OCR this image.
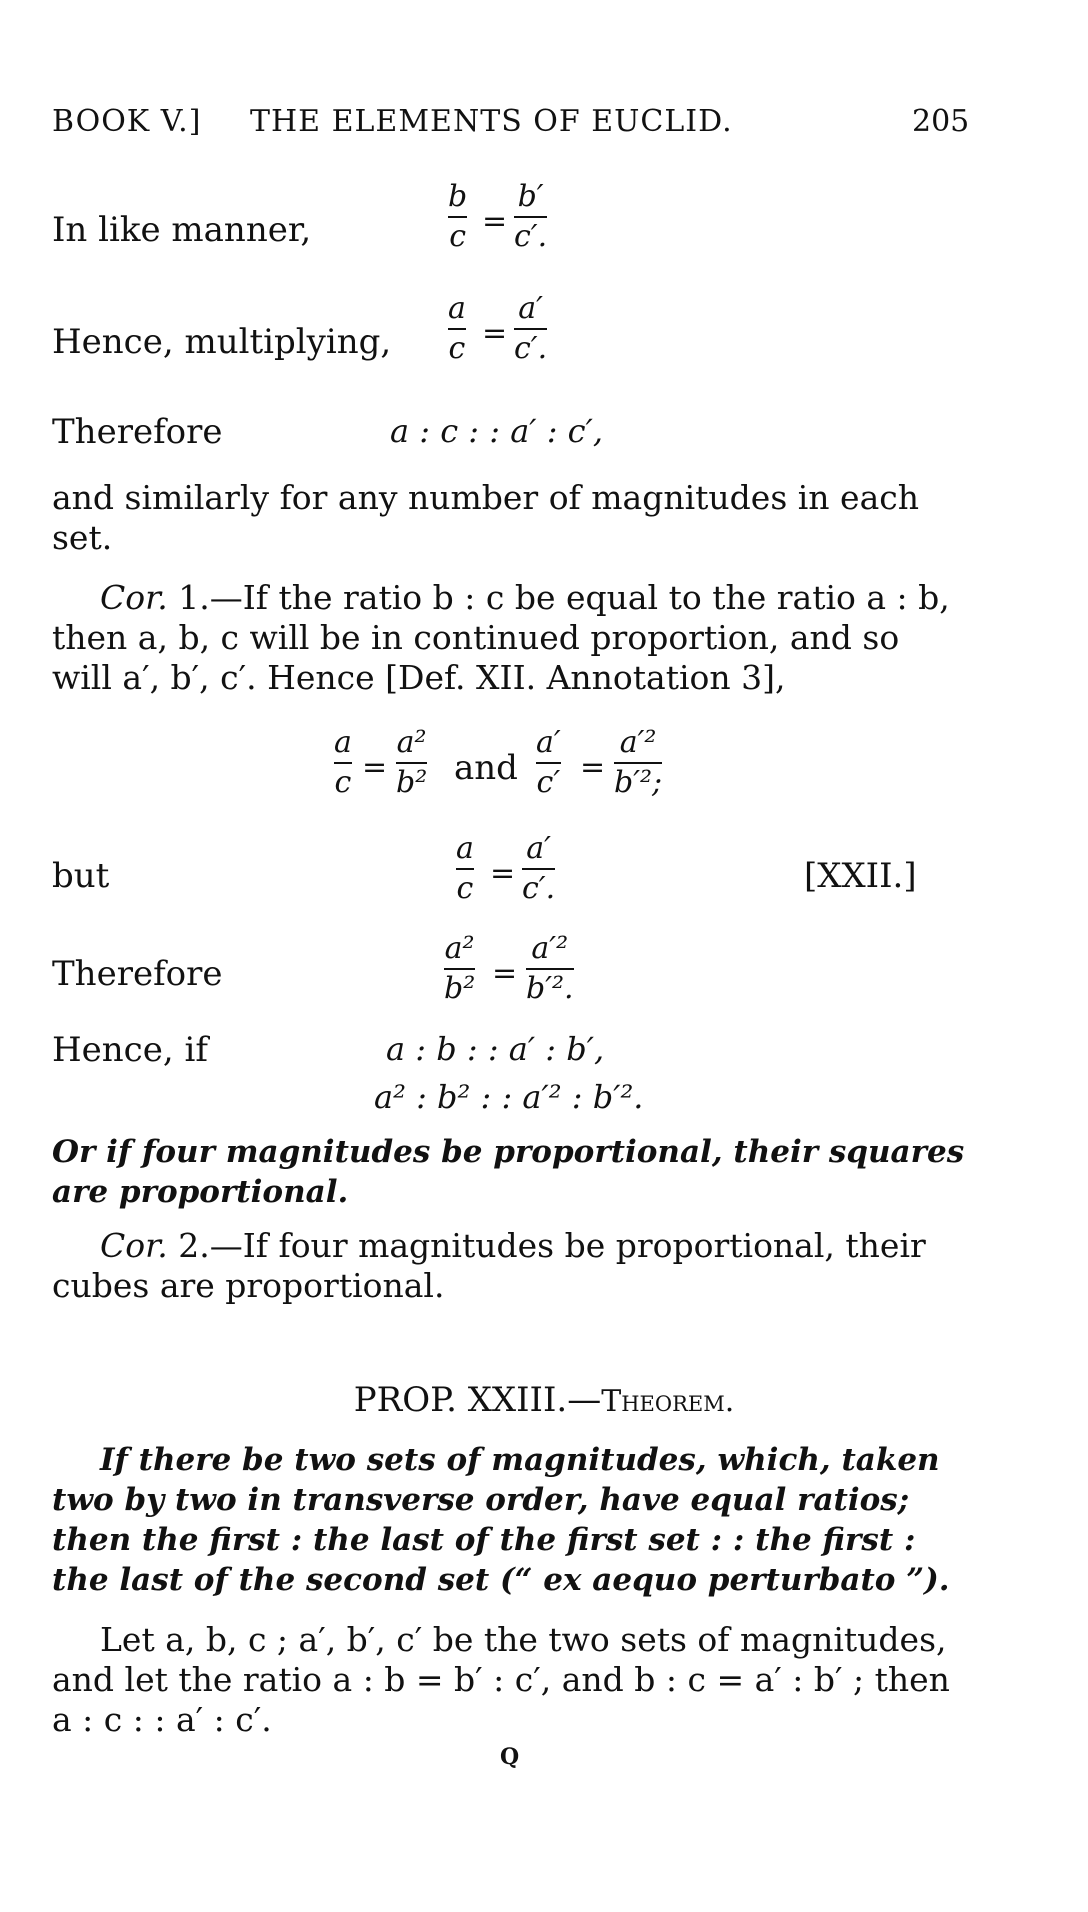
BOOK V.] THE ELEMENTS OF EUCLID.	205
In like manner,
b
c =
b′
c′.
Hence, multiplying,
a
c =
a′
c′.
Therefore	a : c : : a′ : c′,
and similarly for any number of magnitudes in each set.
Cor. 1.—If the ratio b : c be equal to the ratio a : b, then a, b, c will be in continued proportion, and so will a′, b′, c′. Hence [Def. XII. Annotation 3],
a
c =
a²
b² and
a′
c′ =
a′²
b′²;
but
a
c =
a′
c′.	[XXII.]
Therefore
a²
b² =
a′²
b′².
Hence, if	a : b : : a′ : b′,
a² : b² : : a′² : b′².
Or if four magnitudes be proportional, their squares are proportional.
Cor. 2.—If four magnitudes be proportional, their cubes are proportional.
PROP. XXIII.—Theorem.
If there be two sets of magnitudes, which, taken two by two in transverse order, have equal ratios; then the first : the last of the first set : : the first : the last of the second set (“ ex aequo perturbato ”).
Let a, b, c ; a′, b′, c′ be the two sets of magnitudes, and let the ratio a : b = b′ : c′, and b : c = a′ : b′ ; then a : c : : a′ : c′.
Q
